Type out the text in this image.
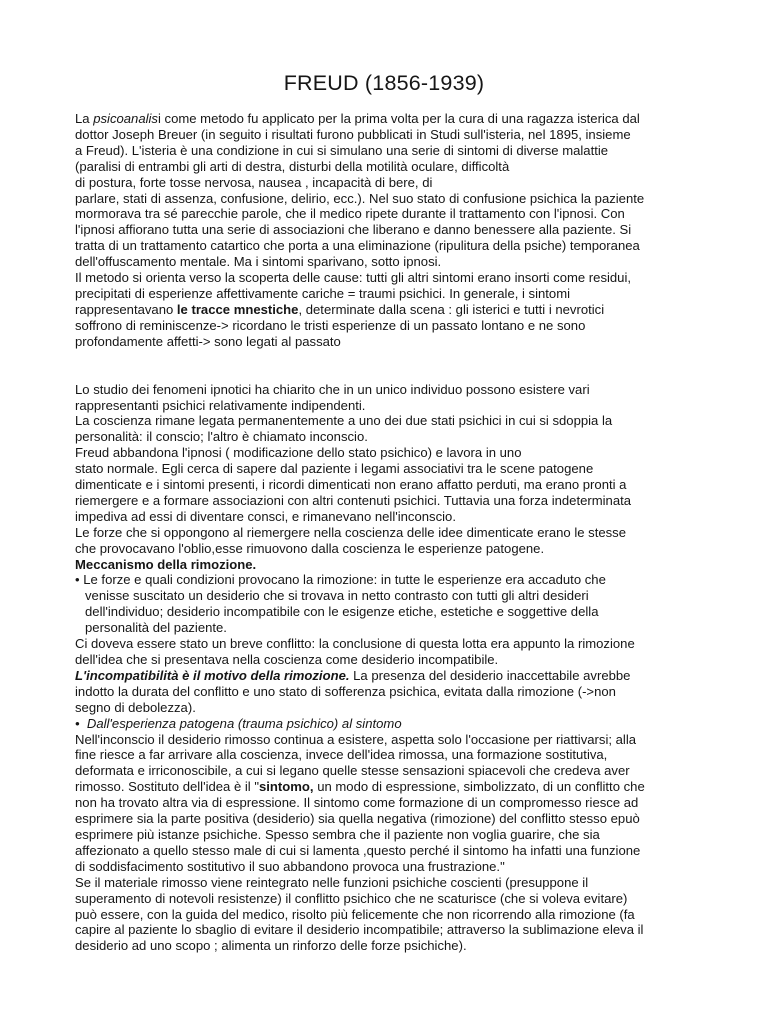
FREUD (1856-1939)
La psicoanalisi come metodo fu applicato per la prima volta per la cura di una ragazza isterica dal
dottor Joseph Breuer (in seguito i risultati furono pubblicati in Studi sull'isteria, nel 1895, insieme
a Freud). L'isteria è una condizione in cui si simulano una serie di sintomi di diverse malattie
(paralisi di entrambi gli arti di destra, disturbi della motilità oculare, difficoltà
di postura, forte tosse nervosa, nausea , incapacità di bere, di
parlare, stati di assenza, confusione, delirio, ecc.). Nel suo stato di confusione psichica la paziente
mormorava tra sé parecchie parole, che il medico ripete durante il trattamento con l'ipnosi. Con
l'ipnosi affiorano tutta una serie di associazioni che liberano e danno benessere alla paziente. Si
tratta di un trattamento catartico che porta a una eliminazione (ripulitura della psiche) temporanea
dell'offuscamento mentale. Ma i sintomi sparivano, sotto ipnosi.
Il metodo si orienta verso la scoperta delle cause: tutti gli altri sintomi erano insorti come residui,
precipitati di esperienze affettivamente cariche = traumi psichici. In generale, i sintomi
rappresentavano le tracce mnestiche, determinate dalla scena : gli isterici e tutti i nevrotici
soffrono di reminiscenze-> ricordano le tristi esperienze di un passato lontano e ne sono
profondamente affetti-> sono legati al passato
Lo studio dei fenomeni ipnotici ha chiarito che in un unico individuo possono esistere vari
rappresentanti psichici relativamente indipendenti.
La coscienza rimane legata permanentemente a uno dei due stati psichici in cui si sdoppia la
personalità: il conscio; l'altro è chiamato inconscio.
Freud abbandona l'ipnosi ( modificazione dello stato psichico) e lavora in uno
stato normale. Egli cerca di sapere dal paziente i legami associativi tra le scene patogene
dimenticate e i sintomi presenti, i ricordi dimenticati non erano affatto perduti, ma erano pronti a
riemergere e a formare associazioni con altri contenuti psichici. Tuttavia una forza indeterminata
impediva ad essi di diventare consci, e rimanevano nell'inconscio.
Le forze che si oppongono al riemergere nella coscienza delle idee dimenticate erano le stesse
che provocavano l'oblio,esse rimuovono dalla coscienza le esperienze patogene.
Meccanismo della rimozione.
• Le forze e quali condizioni provocano la rimozione: in tutte le esperienze era accaduto che
venisse suscitato un desiderio che si trovava in netto contrasto con tutti gli altri desideri
dell'individuo; desiderio incompatibile con le esigenze etiche, estetiche e soggettive della
personalità del paziente.
Ci doveva essere stato un breve conflitto: la conclusione di questa lotta era appunto la rimozione
dell'idea che si presentava nella coscienza come desiderio incompatibile.
L'incompatibilità è il motivo della rimozione. La presenza del desiderio inaccettabile avrebbe
indotto la durata del conflitto e uno stato di sofferenza psichica, evitata dalla rimozione (->non
segno di debolezza).
• Dall'esperienza patogena (trauma psichico) al sintomo
Nell'inconscio il desiderio rimosso continua a esistere, aspetta solo l'occasione per riattivarsi; alla
fine riesce a far arrivare alla coscienza, invece dell'idea rimossa, una formazione sostitutiva,
deformata e irriconoscibile, a cui si legano quelle stesse sensazioni spiacevoli che credeva aver
rimosso. Sostituto dell'idea è il "sintomo, un modo di espressione, simbolizzato, di un conflitto che
non ha trovato altra via di espressione. Il sintomo come formazione di un compromesso riesce ad
esprimere sia la parte positiva (desiderio) sia quella negativa (rimozione) del conflitto stesso epuò
esprimere più istanze psichiche. Spesso sembra che il paziente non voglia guarire, che sia
affezionato a quello stesso male di cui si lamenta ,questo perché il sintomo ha infatti una funzione
di soddisfacimento sostitutivo il suo abbandono provoca una frustrazione."
Se il materiale rimosso viene reintegrato nelle funzioni psichiche coscienti (presuppone il
superamento di notevoli resistenze) il conflitto psichico che ne scaturisce (che si voleva evitare)
può essere, con la guida del medico, risolto più felicemente che non ricorrendo alla rimozione (fa
capire al paziente lo sbaglio di evitare il desiderio incompatibile; attraverso la sublimazione eleva il
desiderio ad uno scopo ; alimenta un rinforzo delle forze psichiche).
